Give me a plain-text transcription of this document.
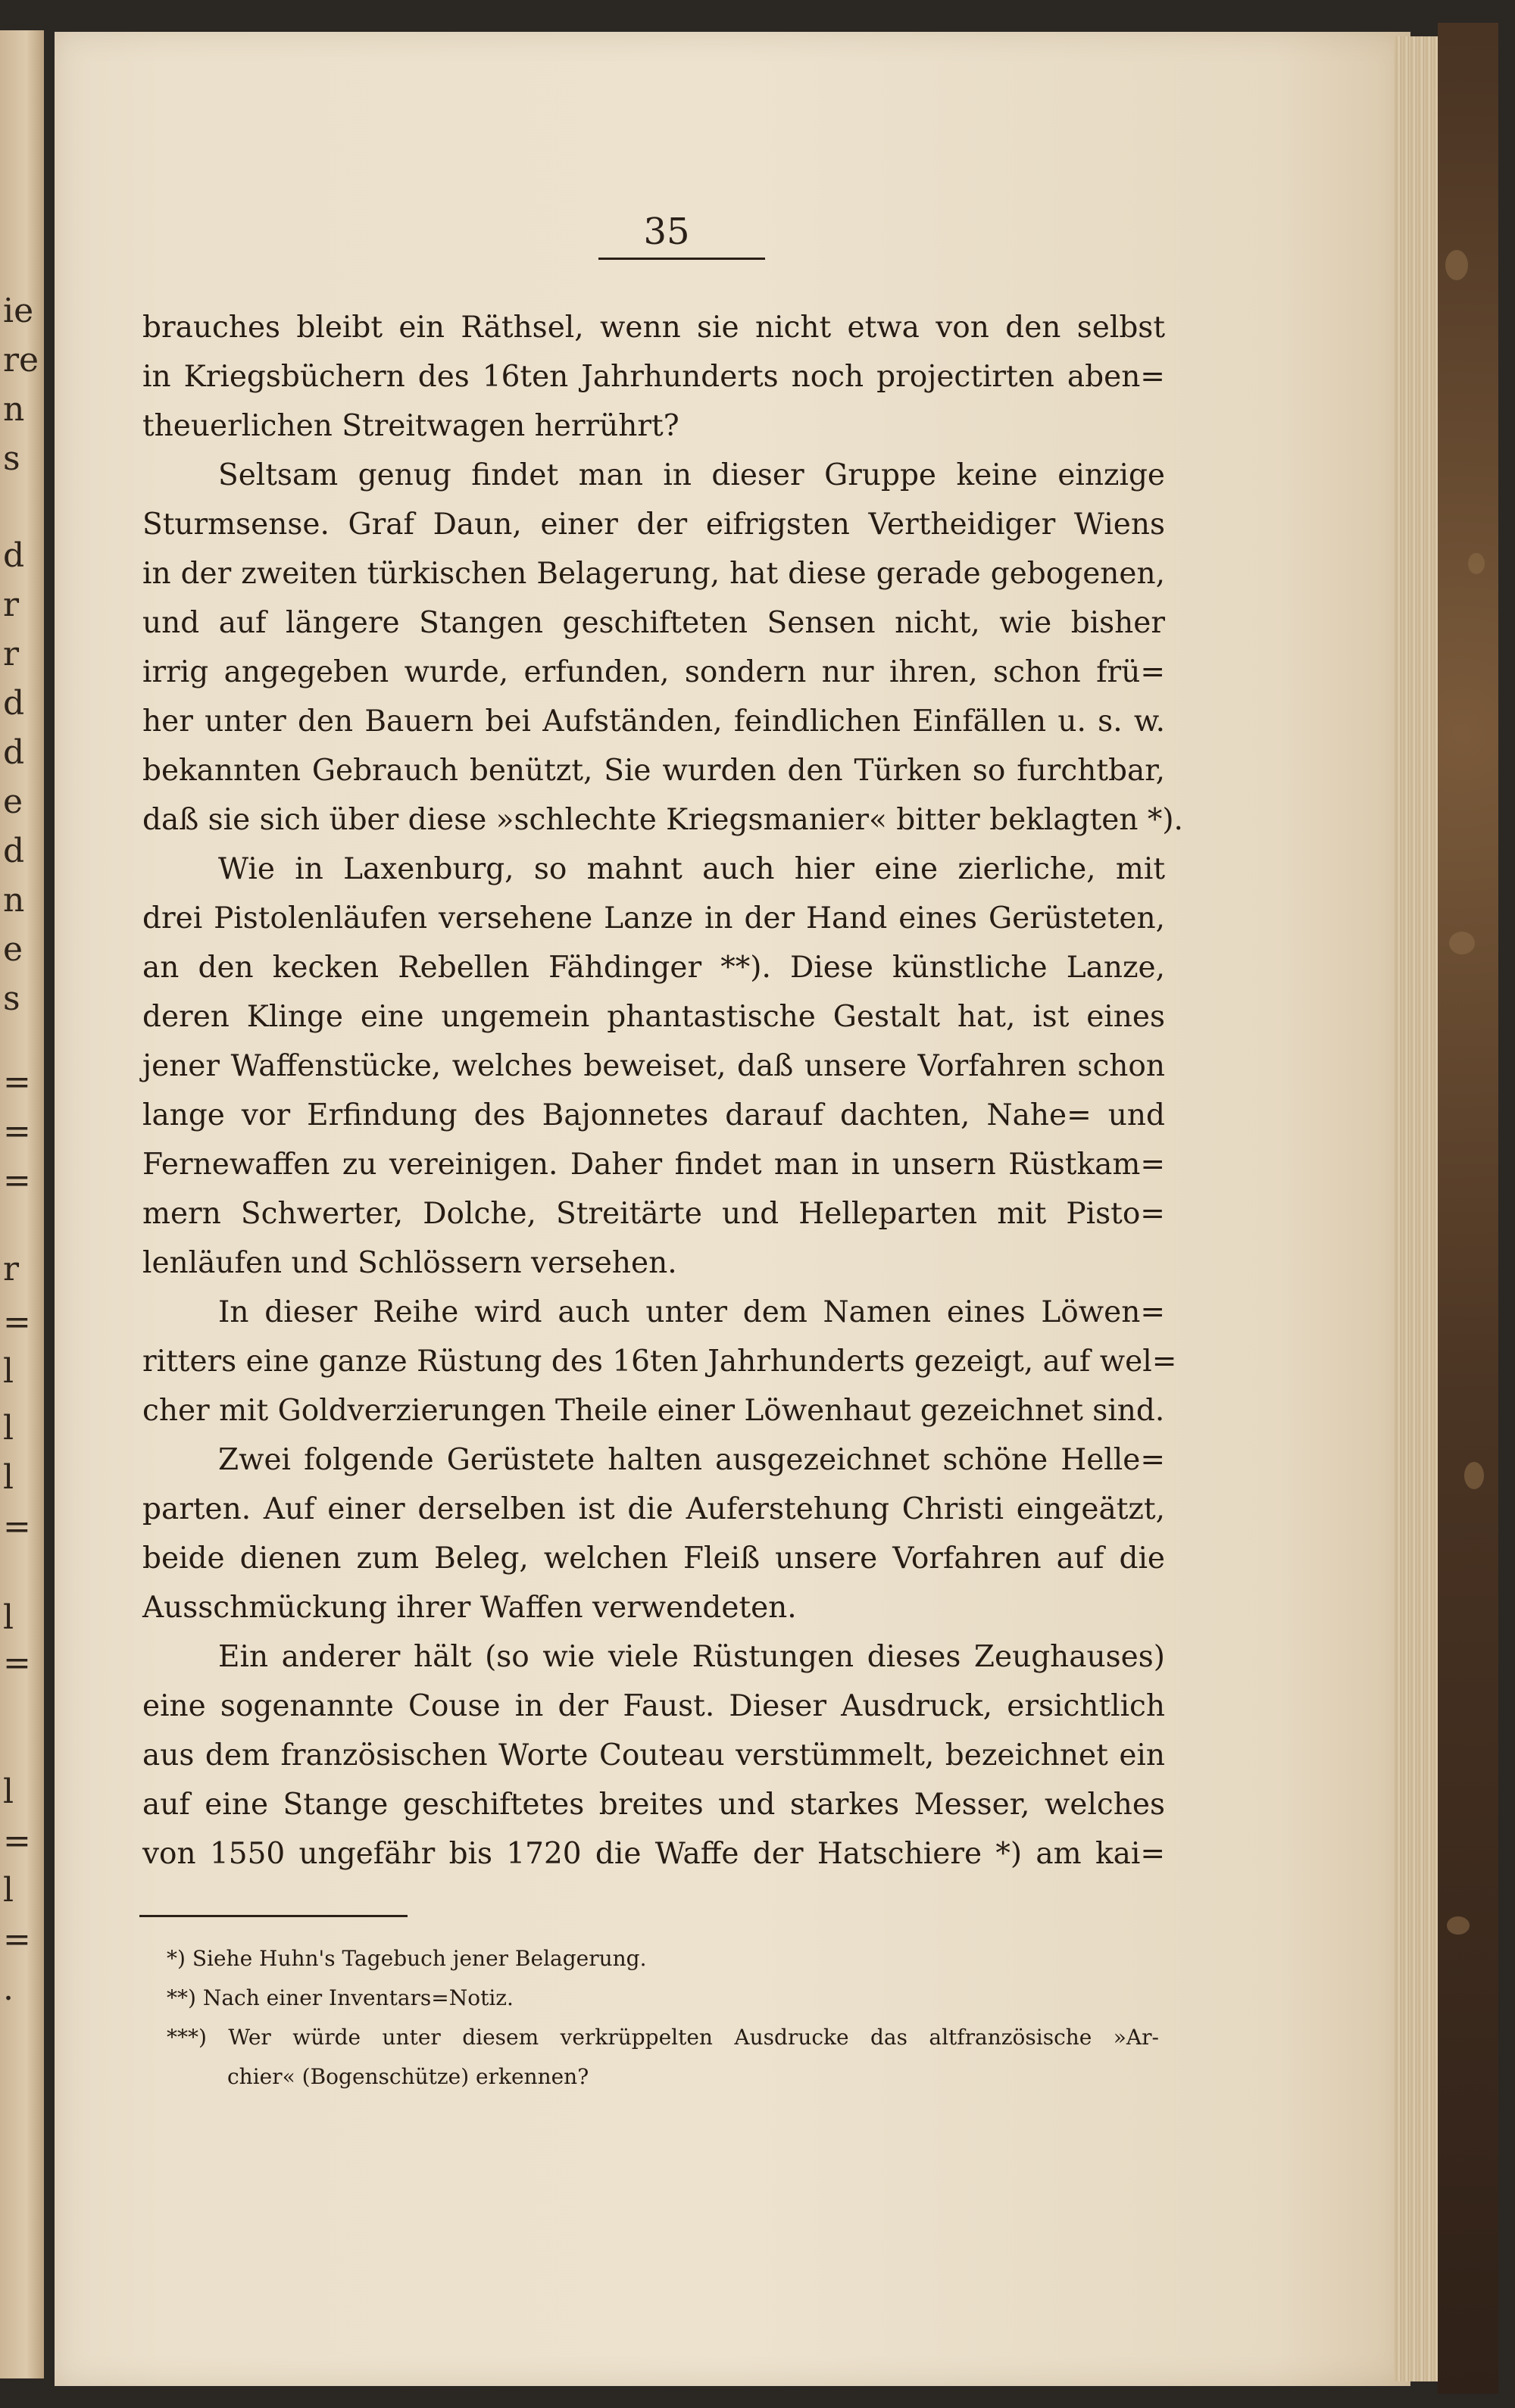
ie
re
n
s
d
r
r
d
d
e
d
n
e
s
=
=
=
r
=
l
l
l
=
l
=
l
=
l
=
.
35
brauches bleibt ein Räthsel, wenn sie nicht etwa von den selbst
in Kriegsbüchern des 16ten Jahrhunderts noch projectirten aben=
theuerlichen Streitwagen herrührt?
Seltsam genug findet man in dieser Gruppe keine einzige
Sturmsense. Graf Daun, einer der eifrigsten Vertheidiger Wiens
in der zweiten türkischen Belagerung, hat diese gerade gebogenen,
und auf längere Stangen geschifteten Sensen nicht, wie bisher
irrig angegeben wurde, erfunden, sondern nur ihren, schon frü=
her unter den Bauern bei Aufständen, feindlichen Einfällen u. s. w.
bekannten Gebrauch benützt, Sie wurden den Türken so furchtbar,
daß sie sich über diese »schlechte Kriegsmanier« bitter beklagten *).
Wie in Laxenburg, so mahnt auch hier eine zierliche, mit
drei Pistolenläufen versehene Lanze in der Hand eines Gerüsteten,
an den kecken Rebellen Fähdinger **). Diese künstliche Lanze,
deren Klinge eine ungemein phantastische Gestalt hat, ist eines
jener Waffenstücke, welches beweiset, daß unsere Vorfahren schon
lange vor Erfindung des Bajonnetes darauf dachten, Nahe= und
Fernewaffen zu vereinigen. Daher findet man in unsern Rüstkam=
mern Schwerter, Dolche, Streitärte und Helleparten mit Pisto=
lenläufen und Schlössern versehen.
In dieser Reihe wird auch unter dem Namen eines Löwen=
ritters eine ganze Rüstung des 16ten Jahrhunderts gezeigt, auf wel=
cher mit Goldverzierungen Theile einer Löwenhaut gezeichnet sind.
Zwei folgende Gerüstete halten ausgezeichnet schöne Helle=
parten. Auf einer derselben ist die Auferstehung Christi eingeätzt,
beide dienen zum Beleg, welchen Fleiß unsere Vorfahren auf die
Ausschmückung ihrer Waffen verwendeten.
Ein anderer hält (so wie viele Rüstungen dieses Zeughauses)
eine sogenannte Couse in der Faust. Dieser Ausdruck, ersichtlich
aus dem französischen Worte Couteau verstümmelt, bezeichnet ein
auf eine Stange geschiftetes breites und starkes Messer, welches
von 1550 ungefähr bis 1720 die Waffe der Hatschiere *) am kai=
*) Siehe Huhn's Tagebuch jener Belagerung.
**) Nach einer Inventars=Notiz.
***) Wer würde unter diesem verkrüppelten Ausdrucke das altfranzösische »Ar-
chier« (Bogenschütze) erkennen?
